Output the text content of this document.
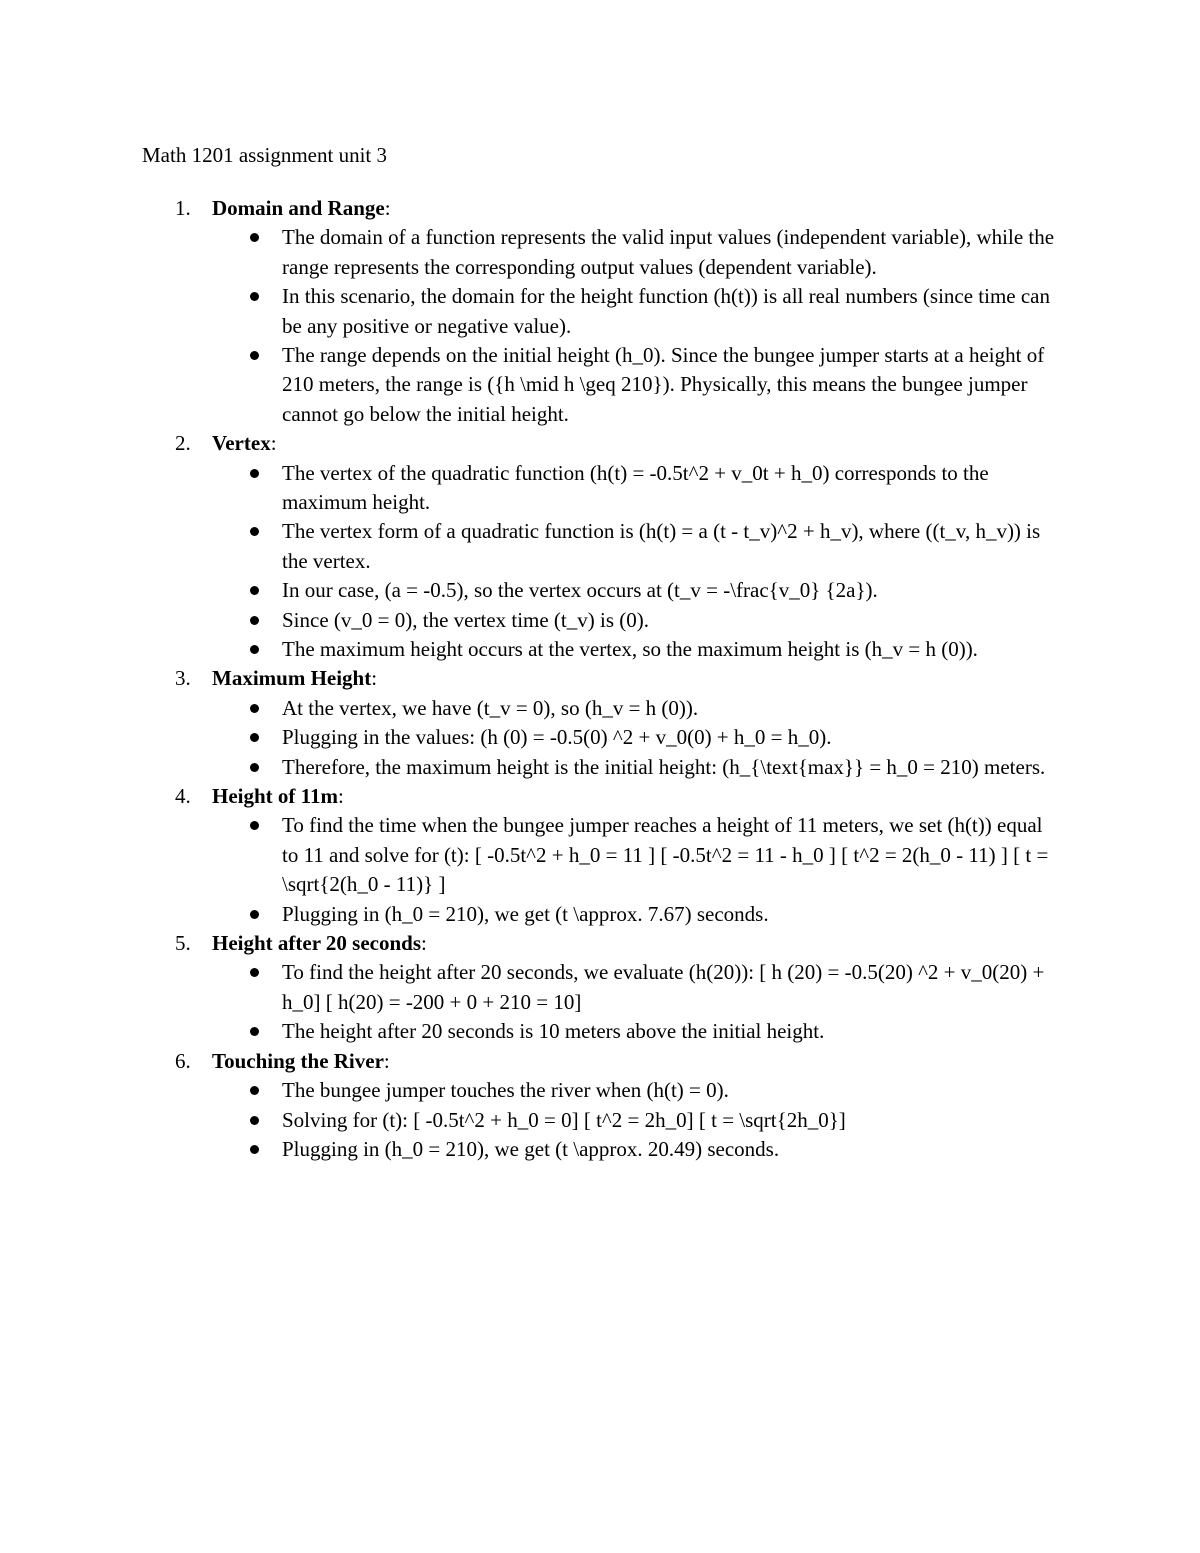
Math 1201 assignment unit 3
1. Domain and Range:
The domain of a function represents the valid input values (independent variable), while the range represents the corresponding output values (dependent variable).
In this scenario, the domain for the height function (h(t)) is all real numbers (since time can be any positive or negative value).
The range depends on the initial height (h_0). Since the bungee jumper starts at a height of 210 meters, the range is ({h \mid h \geq 210}). Physically, this means the bungee jumper cannot go below the initial height.
2. Vertex:
The vertex of the quadratic function (h(t) = -0.5t^2 + v_0t + h_0) corresponds to the maximum height.
The vertex form of a quadratic function is (h(t) = a (t - t_v)^2 + h_v), where ((t_v, h_v)) is the vertex.
In our case, (a = -0.5), so the vertex occurs at (t_v = -\frac{v_0} {2a}).
Since (v_0 = 0), the vertex time (t_v) is (0).
The maximum height occurs at the vertex, so the maximum height is (h_v = h (0)).
3. Maximum Height:
At the vertex, we have (t_v = 0), so (h_v = h (0)).
Plugging in the values: (h (0) = -0.5(0) ^2 + v_0(0) + h_0 = h_0).
Therefore, the maximum height is the initial height: (h_{\text{max}} = h_0 = 210) meters.
4. Height of 11m:
To find the time when the bungee jumper reaches a height of 11 meters, we set (h(t)) equal to 11 and solve for (t): [ -0.5t^2 + h_0 = 11 ] [ -0.5t^2 = 11 - h_0 ] [ t^2 = 2(h_0 - 11) ] [ t = \sqrt{2(h_0 - 11)} ]
Plugging in (h_0 = 210), we get (t \approx. 7.67) seconds.
5. Height after 20 seconds:
To find the height after 20 seconds, we evaluate (h(20)): [ h (20) = -0.5(20) ^2 + v_0(20) + h_0] [ h(20) = -200 + 0 + 210 = 10]
The height after 20 seconds is 10 meters above the initial height.
6. Touching the River:
The bungee jumper touches the river when (h(t) = 0).
Solving for (t): [ -0.5t^2 + h_0 = 0] [ t^2 = 2h_0] [ t = \sqrt{2h_0}]
Plugging in (h_0 = 210), we get (t \approx. 20.49) seconds.
